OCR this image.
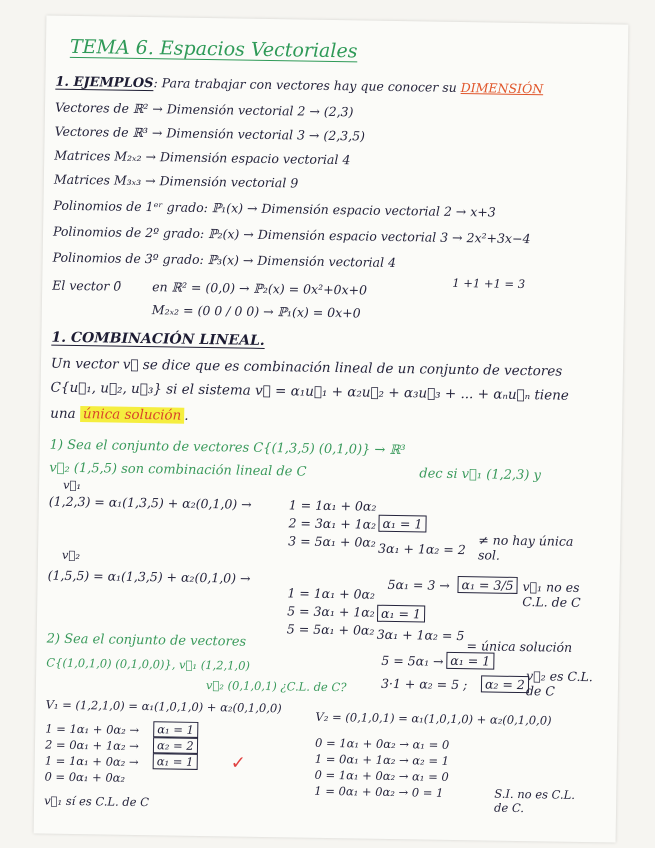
TEMA 6. Espacios Vectoriales
1. EJEMPLOS: Para trabajar con vectores hay que conocer su DIMENSIÓN
Vectores de ℝ² → Dimensión vectorial 2 → (2,3)
Vectores de ℝ³ → Dimensión vectorial 3 → (2,3,5)
Matrices M₂ₓ₂ → Dimensión espacio vectorial 4
Matrices M₃ₓ₃ → Dimensión vectorial 9
Polinomios de 1ᵉʳ grado: ℙ₁(x) → Dimensión espacio vectorial 2 → x+3
Polinomios de 2º grado: ℙ₂(x) → Dimensión espacio vectorial 3 → 2x²+3x−4
Polinomios de 3º grado: ℙ₃(x) → Dimensión vectorial 4
1 +1 +1 = 3
El vector 0̄ en ℝ² = (0,0) → ℙ₂(x) = 0x²+0x+0
M₂ₓ₂ = (0 0 / 0 0) → ℙ₁(x) = 0x+0
1. COMBINACIÓN LINEAL.
Un vector v⃗ se dice que es combinación lineal de un conjunto de vectores
C{u⃗₁, u⃗₂, u⃗₃} si el sistema v⃗ = α₁u⃗₁ + α₂u⃗₂ + α₃u⃗₃ + ... + αₙu⃗ₙ tiene
una única solución .
1) Sea el conjunto de vectores C{(1,3,5) (0,1,0)} → ℝ³
dec si v⃗₁ (1,2,3) y
v⃗₂ (1,5,5) son combinación lineal de C
v⃗₁
(1,2,3) = α₁(1,3,5) + α₂(0,1,0) →	1 = 1α₁ + 0α₂
2 = 3α₁ + 1α₂
3 = 5α₁ + 0α₂
α₁ = 1
3α₁ + 1α₂ = 2
≠ no hay única sol.
v⃗₂
(1,5,5) = α₁(1,3,5) + α₂(0,1,0) →
1 = 1α₁ + 0α₂
5 = 3α₁ + 1α₂
5 = 5α₁ + 0α₂
5α₁ = 3 → α₁ = 3/5 v⃗₁ no es C.L. de C
α₁ = 1
3α₁ + 1α₂ = 5
= única solución
5 = 5α₁ → α₁ = 1
3·1 + α₂ = 5 ;	α₂ = 2
v⃗₂ es C.L. de C
2) Sea el conjunto de vectores
C{(1,0,1,0) (0,1,0,0)}, v⃗₁ (1,2,1,0)
v⃗₂ (0,1,0,1) ¿C.L. de C?
V₁ = (1,2,1,0) = α₁(1,0,1,0) + α₂(0,1,0,0)
1 = 1α₁ + 0α₂ →
2 = 0α₁ + 1α₂ →
1 = 1α₁ + 0α₂ →
0 = 0α₁ + 0α₂
α₁ = 1
α₂ = 2
α₁ = 1 ✓
v⃗₁ sí es C.L. de C
V₂ = (0,1,0,1) = α₁(1,0,1,0) + α₂(0,1,0,0)
0 = 1α₁ + 0α₂ → α₁ = 0
1 = 0α₁ + 1α₂ → α₂ = 1
0 = 1α₁ + 0α₂ → α₁ = 0
1 = 0α₁ + 0α₂ → 0 = 1	S.I. no es C.L. de C.
